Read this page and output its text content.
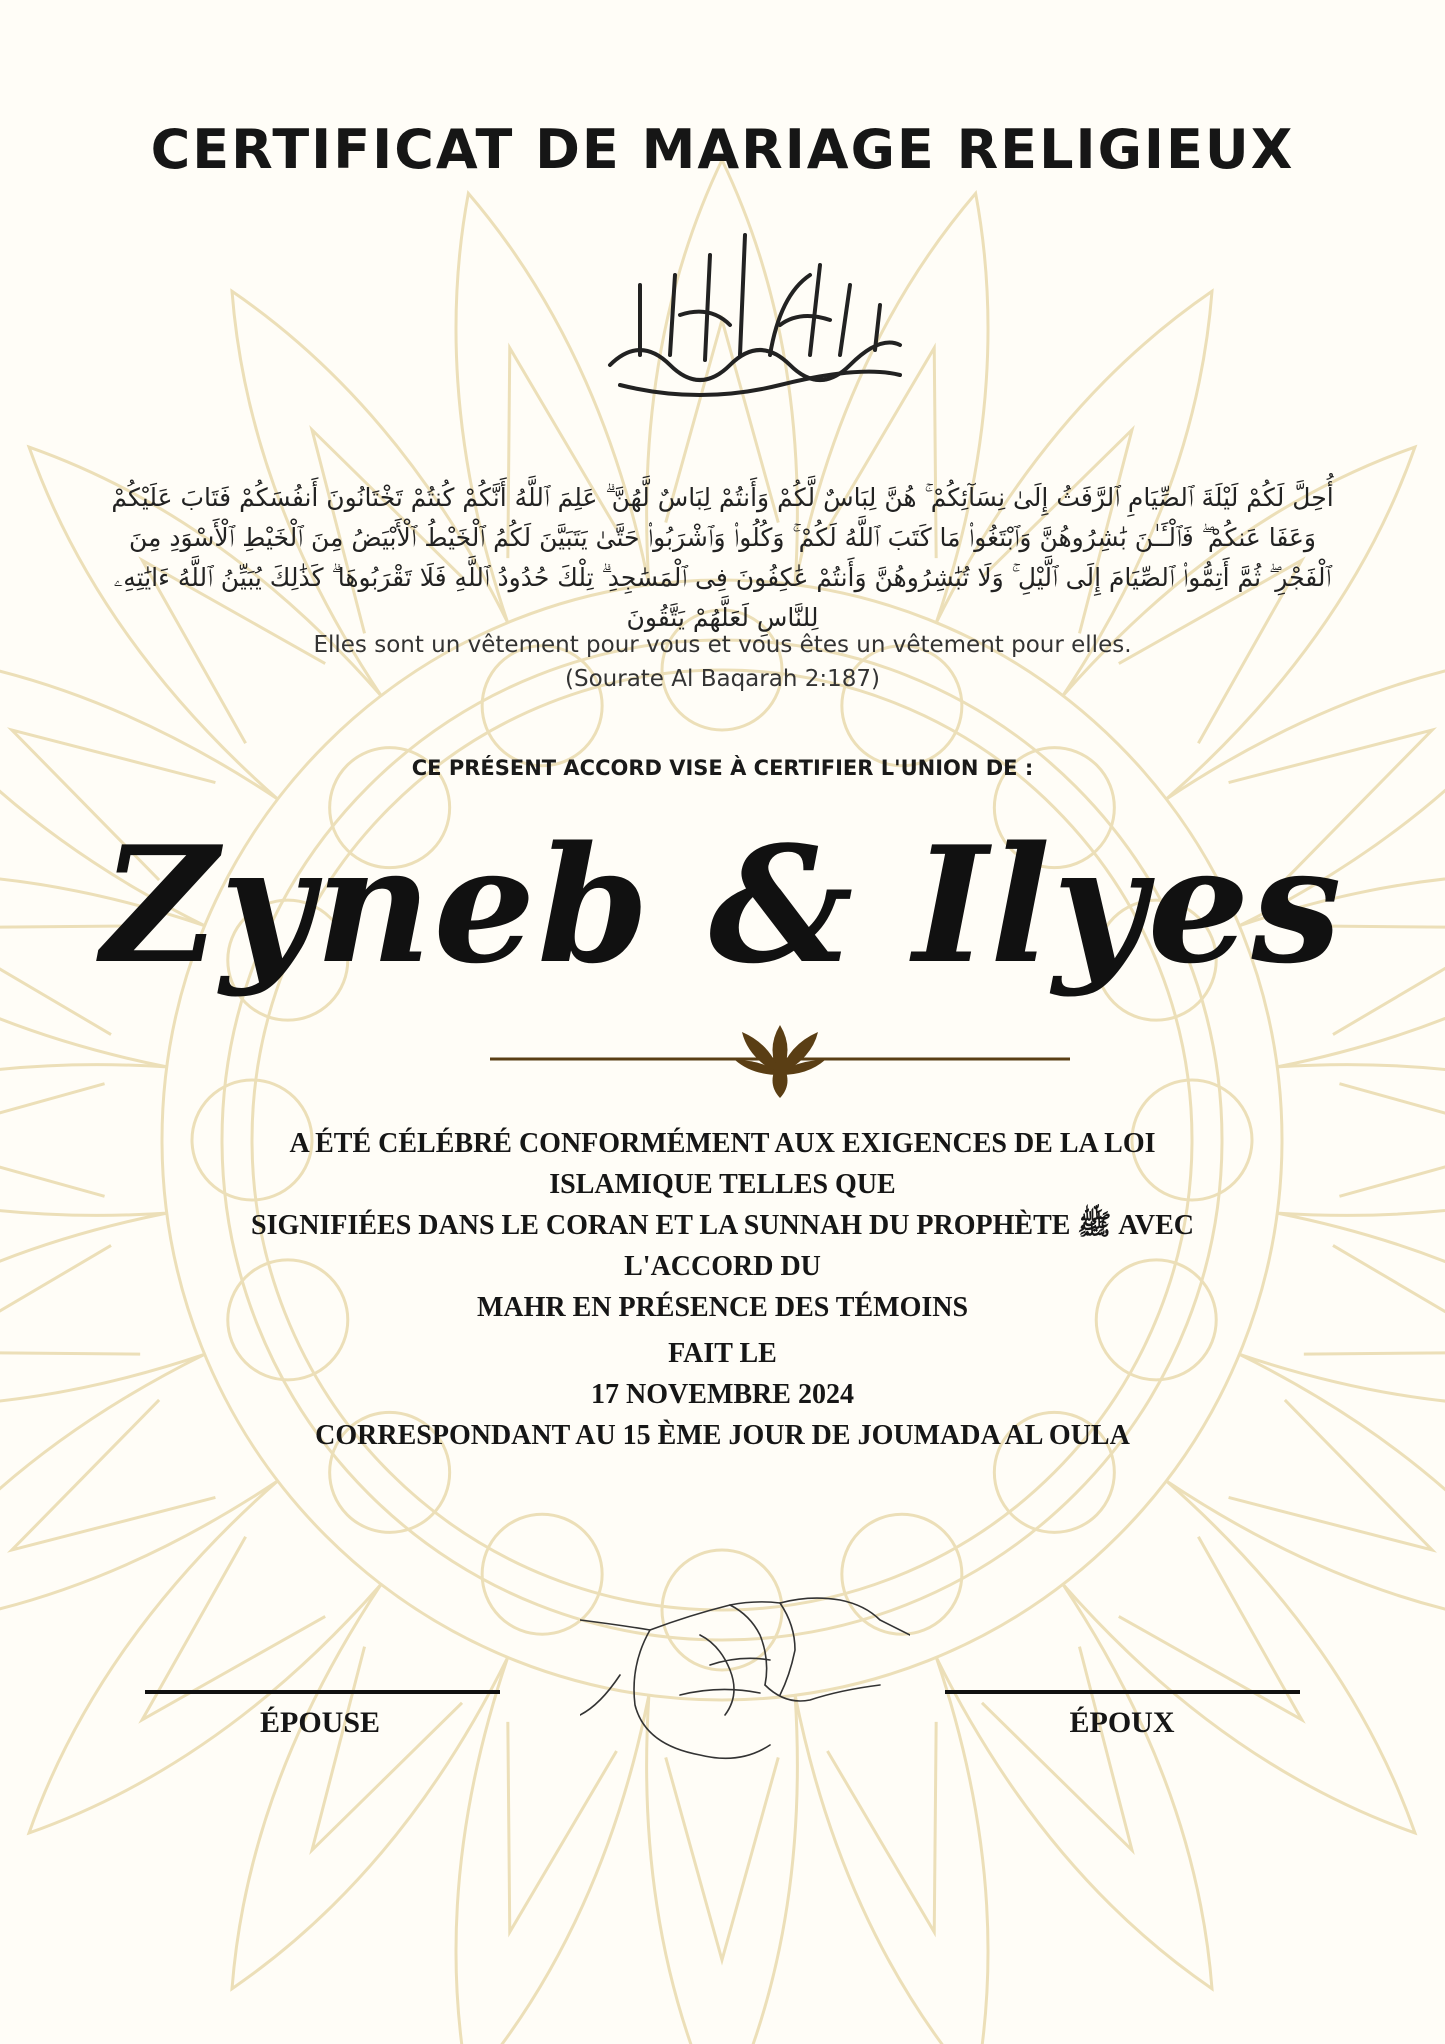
CERTIFICAT DE MARIAGE RELIGIEUX
أُحِلَّ لَكُمْ لَيْلَةَ ٱلصِّيَامِ ٱلرَّفَثُ إِلَىٰ نِسَآئِكُمْ ۚ هُنَّ لِبَاسٌ لَّكُمْ وَأَنتُمْ لِبَاسٌ لَّهُنَّ ۗ عَلِمَ ٱللَّهُ أَنَّكُمْ كُنتُمْ تَخْتَانُونَ أَنفُسَكُمْ فَتَابَ عَلَيْكُمْ وَعَفَا عَنكُمْ ۖ فَٱلْـَٔـٰنَ بَٰشِرُوهُنَّ وَٱبْتَغُوا۟ مَا كَتَبَ ٱللَّهُ لَكُمْ ۚ وَكُلُوا۟ وَٱشْرَبُوا۟ حَتَّىٰ يَتَبَيَّنَ لَكُمُ ٱلْخَيْطُ ٱلْأَبْيَضُ مِنَ ٱلْخَيْطِ ٱلْأَسْوَدِ مِنَ ٱلْفَجْرِ ۖ ثُمَّ أَتِمُّوا۟ ٱلصِّيَامَ إِلَى ٱلَّيْلِ ۚ وَلَا تُبَٰشِرُوهُنَّ وَأَنتُمْ عَٰكِفُونَ فِى ٱلْمَسَٰجِدِ ۗ تِلْكَ حُدُودُ ٱللَّهِ فَلَا تَقْرَبُوهَا ۗ كَذَٰلِكَ يُبَيِّنُ ٱللَّهُ ءَايَٰتِهِۦ لِلنَّاسِ لَعَلَّهُمْ يَتَّقُونَ
Elles sont un vêtement pour vous et vous êtes un vêtement pour elles.
(Sourate Al Baqarah 2:187)
CE PRÉSENT ACCORD VISE À CERTIFIER L'UNION DE :
Zyneb & Ilyes
A ÉTÉ CÉLÉBRÉ CONFORMÉMENT AUX EXIGENCES DE LA LOI ISLAMIQUE TELLES QUE
SIGNIFIÉES DANS LE CORAN ET LA SUNNAH DU PROPHÈTE ﷺ AVEC L'ACCORD DU
MAHR EN PRÉSENCE DES TÉMOINS
FAIT LE
17 NOVEMBRE 2024
CORRESPONDANT AU 15 ÈME JOUR DE JOUMADA AL OULA
ÉPOUSE	ÉPOUX
